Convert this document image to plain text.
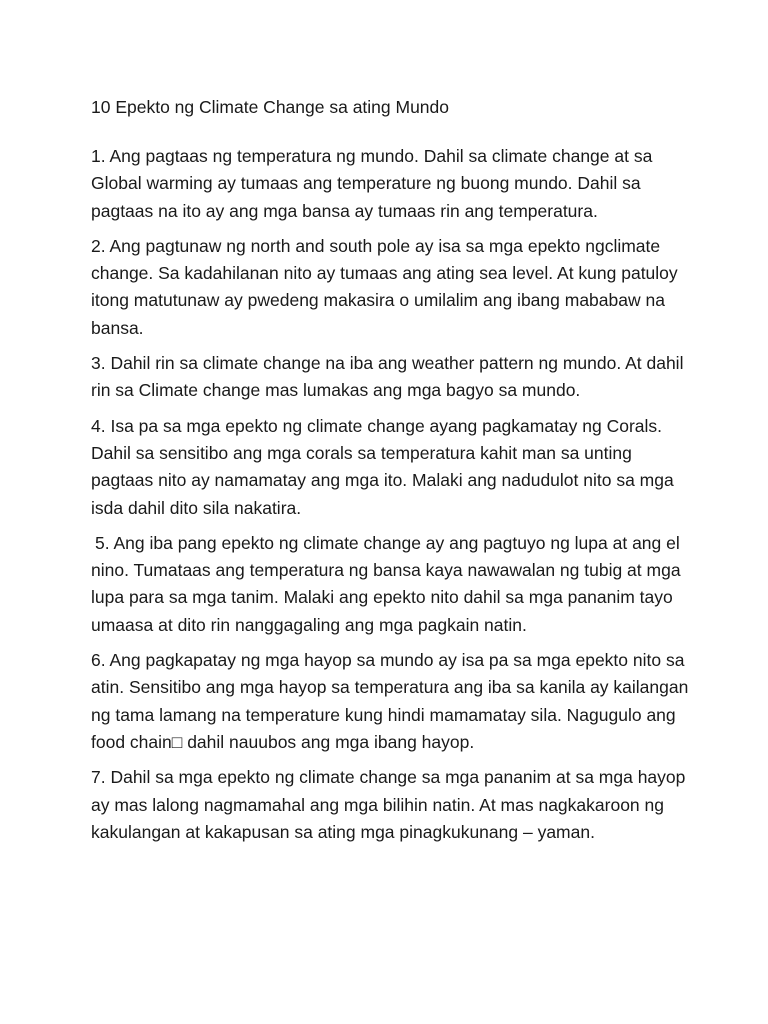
10 Epekto ng Climate Change sa ating Mundo

1. Ang pagtaas ng temperatura ng mundo. Dahil sa climate change at sa Global warming ay tumaas ang temperature ng buong mundo. Dahil sa pagtaas na ito ay ang mga bansa ay tumaas rin ang temperatura.

2. Ang pagtunaw ng north and south pole ay isa sa mga epekto ngclimate change. Sa kadahilanan nito ay tumaas ang ating sea level. At kung patuloy itong matutunaw ay pwedeng makasira o umilalim ang ibang mababaw na bansa.

3. Dahil rin sa climate change na iba ang weather pattern ng mundo. At dahil rin sa Climate change mas lumakas ang mga bagyo sa mundo.

4. Isa pa sa mga epekto ng climate change ayang pagkamatay ng Corals. Dahil sa sensitibo ang mga corals sa temperatura kahit man sa unting pagtaas nito ay namamatay ang mga ito. Malaki ang nadudulot nito sa mga isda dahil dito sila nakatira.

5. Ang iba pang epekto ng climate change ay ang pagtuyo ng lupa at ang el nino. Tumataas ang temperatura ng bansa kaya nawawalan ng tubig at mga lupa para sa mga tanim. Malaki ang epekto nito dahil sa mga pananim tayo umaasa at dito rin nanggagaling ang mga pagkain natin.

6. Ang pagkapatay ng mga hayop sa mundo ay isa pa sa mga epekto nito sa atin. Sensitibo ang mga hayop sa temperatura ang iba sa kanila ay kailangan ng tama lamang na temperature kung hindi mamamatay sila. Nagugulo ang food chain□ dahil nauubos ang mga ibang hayop.

7. Dahil sa mga epekto ng climate change sa mga pananim at sa mga hayop ay mas lalong nagmamahal ang mga bilihin natin. At mas nagkakaroon ng kakulangan at kakapusan sa ating mga pinagkukunang – yaman.
